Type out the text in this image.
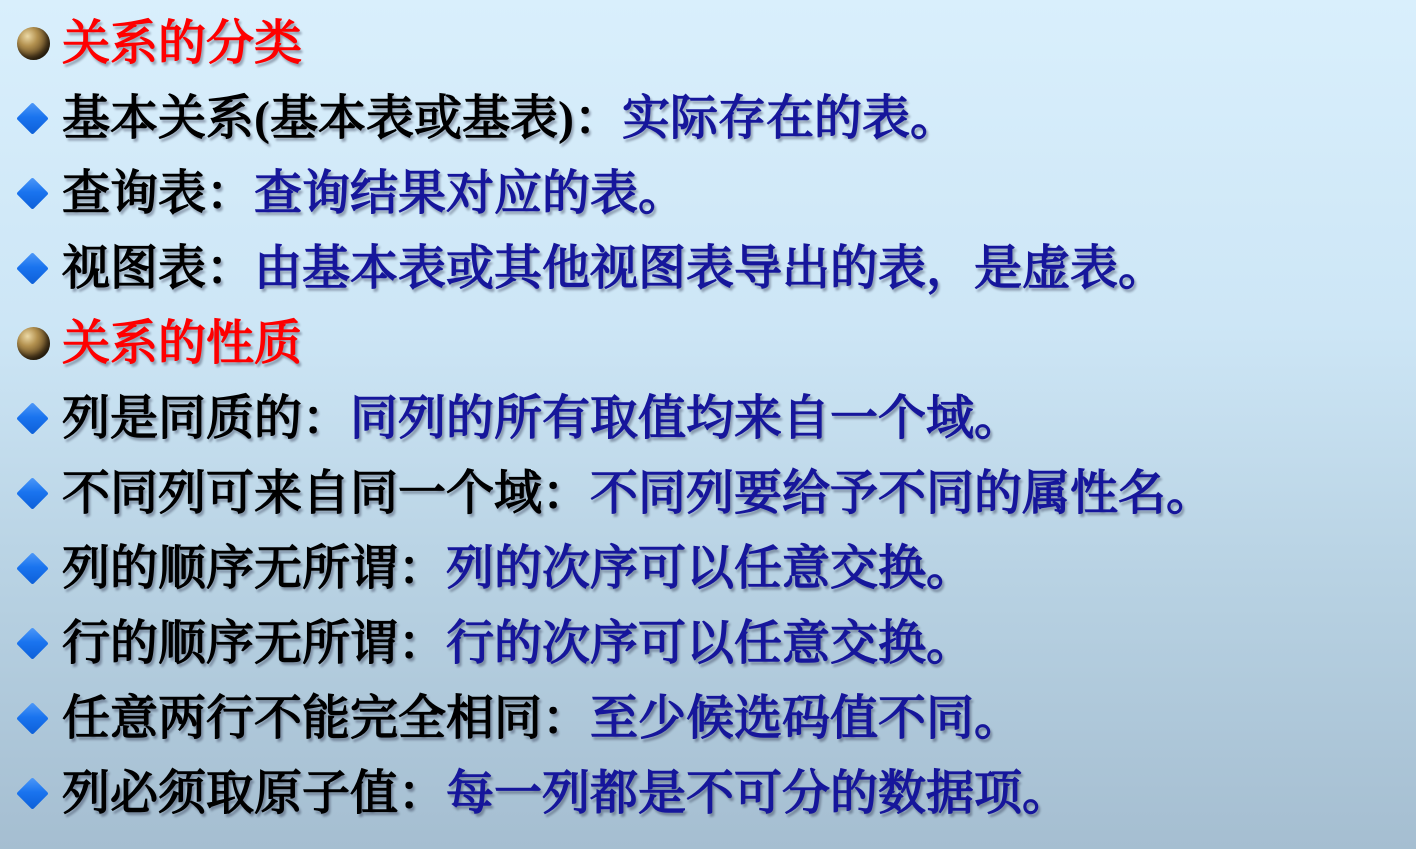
关系的分类
基本关系(基本表或基表)：实际存在的表。
查询表：查询结果对应的表。
视图表：由基本表或其他视图表导出的表，是虚表。
关系的性质
列是同质的：同列的所有取值均来自一个域。
不同列可来自同一个域：不同列要给予不同的属性名。
列的顺序无所谓：列的次序可以任意交换。
行的顺序无所谓：行的次序可以任意交换。
任意两行不能完全相同：至少候选码值不同。
列必须取原子值：每一列都是不可分的数据项。
